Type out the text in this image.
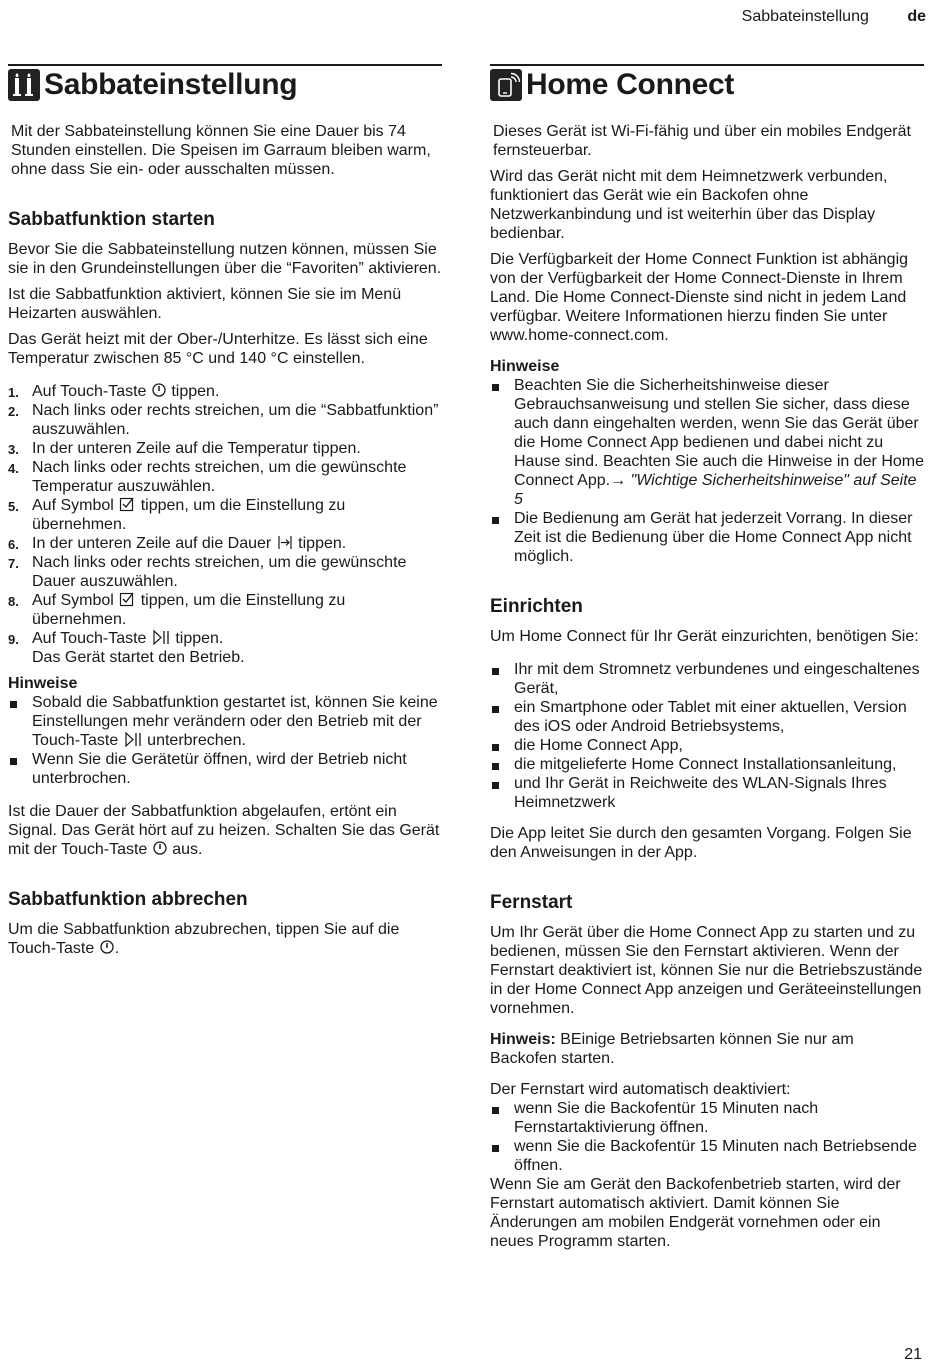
Sabbateinstellung de
Sabbateinstellung

Mit der Sabbateinstellung können Sie eine Dauer bis 74 Stunden einstellen. Die Speisen im Garraum bleiben warm, ohne dass Sie ein- oder ausschalten müssen.

Sabbatfunktion starten

Bevor Sie die Sabbateinstellung nutzen können, müssen Sie sie in den Grundeinstellungen über die “Favoriten” aktivieren.

Ist die Sabbatfunktion aktiviert, können Sie sie im Menü Heizarten auswählen.

Das Gerät heizt mit der Ober-/Unterhitze. Es lässt sich eine Temperatur zwischen 85 °C und 140 °C einstellen.

1. Auf Touch-Taste tippen.
2. Nach links oder rechts streichen, um die “Sabbatfunktion” auszuwählen.
3. In der unteren Zeile auf die Temperatur tippen.
4. Nach links oder rechts streichen, um die gewünschte Temperatur auszuwählen.
5. Auf Symbol tippen, um die Einstellung zu übernehmen.
6. In der unteren Zeile auf die Dauer tippen.
7. Nach links oder rechts streichen, um die gewünschte Dauer auszuwählen.
8. Auf Symbol tippen, um die Einstellung zu übernehmen.
9. Auf Touch-Taste tippen.
Das Gerät startet den Betrieb.
Hinweise
Sobald die Sabbatfunktion gestartet ist, können Sie keine Einstellungen mehr verändern oder den Betrieb mit der Touch-Taste unterbrechen.
Wenn Sie die Gerätetür öffnen, wird der Betrieb nicht unterbrochen.

Ist die Dauer der Sabbatfunktion abgelaufen, ertönt ein Signal. Das Gerät hört auf zu heizen. Schalten Sie das Gerät mit der Touch-Taste aus.

Sabbatfunktion abbrechen

Um die Sabbatfunktion abzubrechen, tippen Sie auf die Touch-Taste .

Home Connect

Dieses Gerät ist Wi-Fi-fähig und über ein mobiles Endgerät fernsteuerbar.

Wird das Gerät nicht mit dem Heimnetzwerk verbunden, funktioniert das Gerät wie ein Backofen ohne Netzwerkanbindung und ist weiterhin über das Display bedienbar.

Die Verfügbarkeit der Home Connect Funktion ist abhängig von der Verfügbarkeit der Home Connect-Dienste in Ihrem Land. Die Home Connect-Dienste sind nicht in jedem Land verfügbar. Weitere Informationen hierzu finden Sie unter www.home-connect.com.

Hinweise
Beachten Sie die Sicherheitshinweise dieser Gebrauchsanweisung und stellen Sie sicher, dass diese auch dann eingehalten werden, wenn Sie das Gerät über die Home Connect App bedienen und dabei nicht zu Hause sind. Beachten Sie auch die Hinweise in der Home Connect App.→ "Wichtige Sicherheitshinweise" auf Seite 5
Die Bedienung am Gerät hat jederzeit Vorrang. In dieser Zeit ist die Bedienung über die Home Connect App nicht möglich.
Einrichten

Um Home Connect für Ihr Gerät einzurichten, benötigen Sie:

Ihr mit dem Stromnetz verbundenes und eingeschaltenes Gerät,
ein Smartphone oder Tablet mit einer aktuellen, Version des iOS oder Android Betriebsystems,
die Home Connect App,
die mitgelieferte Home Connect Installationsanleitung,
und Ihr Gerät in Reichweite des WLAN-Signals Ihres Heimnetzwerk

Die App leitet Sie durch den gesamten Vorgang. Folgen Sie den Anweisungen in der App.

Fernstart

Um Ihr Gerät über die Home Connect App zu starten und zu bedienen, müssen Sie den Fernstart aktivieren. Wenn der Fernstart deaktiviert ist, können Sie nur die Betriebszustände in der Home Connect App anzeigen und Geräteeinstellungen vornehmen.

Hinweis: BEinige Betriebsarten können Sie nur am Backofen starten.

Der Fernstart wird automatisch deaktiviert:

wenn Sie die Backofentür 15 Minuten nach Fernstartaktivierung öffnen.
wenn Sie die Backofentür 15 Minuten nach Betriebsende öffnen.

Wenn Sie am Gerät den Backofenbetrieb starten, wird der Fernstart automatisch aktiviert. Damit können Sie Änderungen am mobilen Endgerät vornehmen oder ein neues Programm starten.

21
